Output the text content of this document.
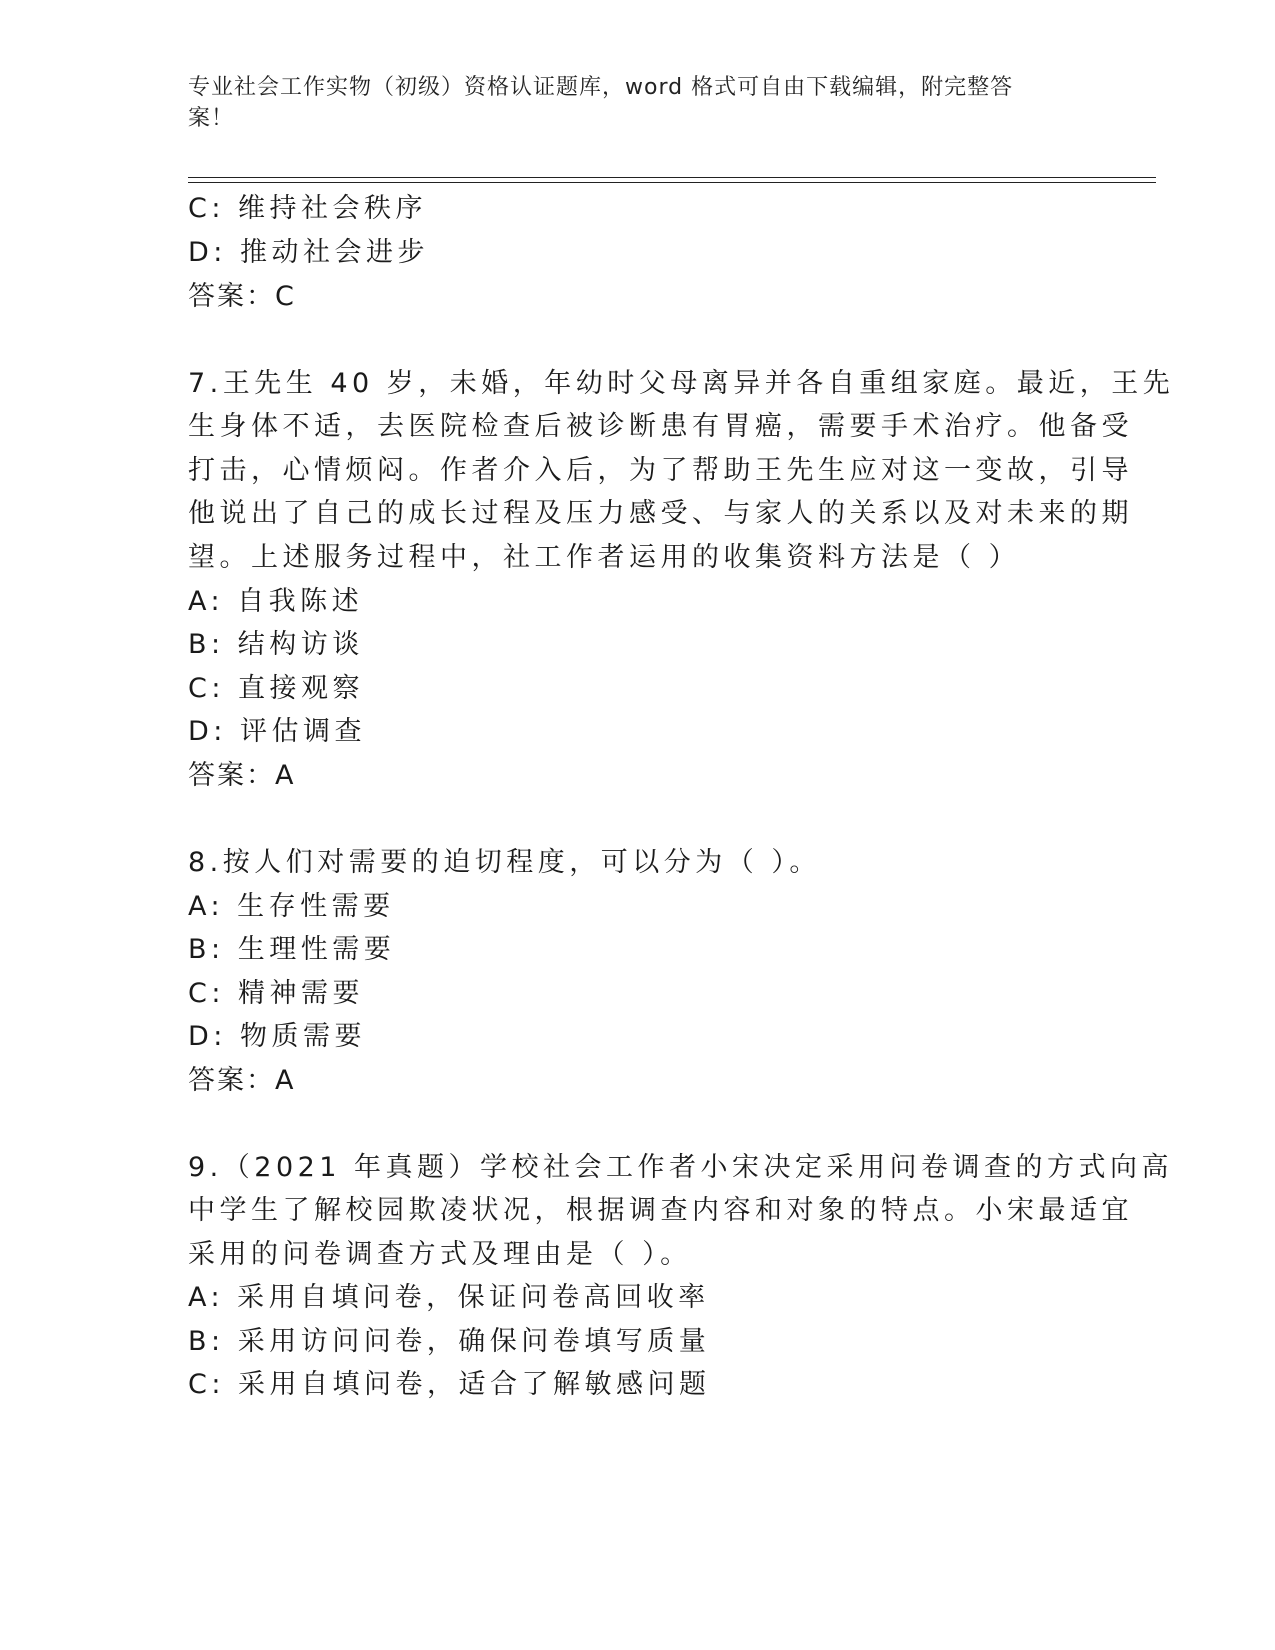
专业社会工作实物（初级）资格认证题库，word 格式可自由下载编辑，附完整答
案！
C: 维持社会秩序
D: 推动社会进步
答案：C
7.王先生 40 岁，未婚，年幼时父母离异并各自重组家庭。最近，王先
生身体不适，去医院检查后被诊断患有胃癌，需要手术治疗。他备受
打击，心情烦闷。作者介入后，为了帮助王先生应对这一变故，引导
他说出了自己的成长过程及压力感受、与家人的关系以及对未来的期
望。上述服务过程中，社工作者运用的收集资料方法是（ ）
A: 自我陈述
B: 结构访谈
C: 直接观察
D: 评估调查
答案：A
8.按人们对需要的迫切程度，可以分为（ ）。
A: 生存性需要
B: 生理性需要
C: 精神需要
D: 物质需要
答案：A
9.（2021 年真题）学校社会工作者小宋决定采用问卷调查的方式向高
中学生了解校园欺凌状况，根据调查内容和对象的特点。小宋最适宜
采用的问卷调查方式及理由是（ ）。
A: 采用自填问卷，保证问卷高回收率
B: 采用访问问卷，确保问卷填写质量
C: 采用自填问卷，适合了解敏感问题
